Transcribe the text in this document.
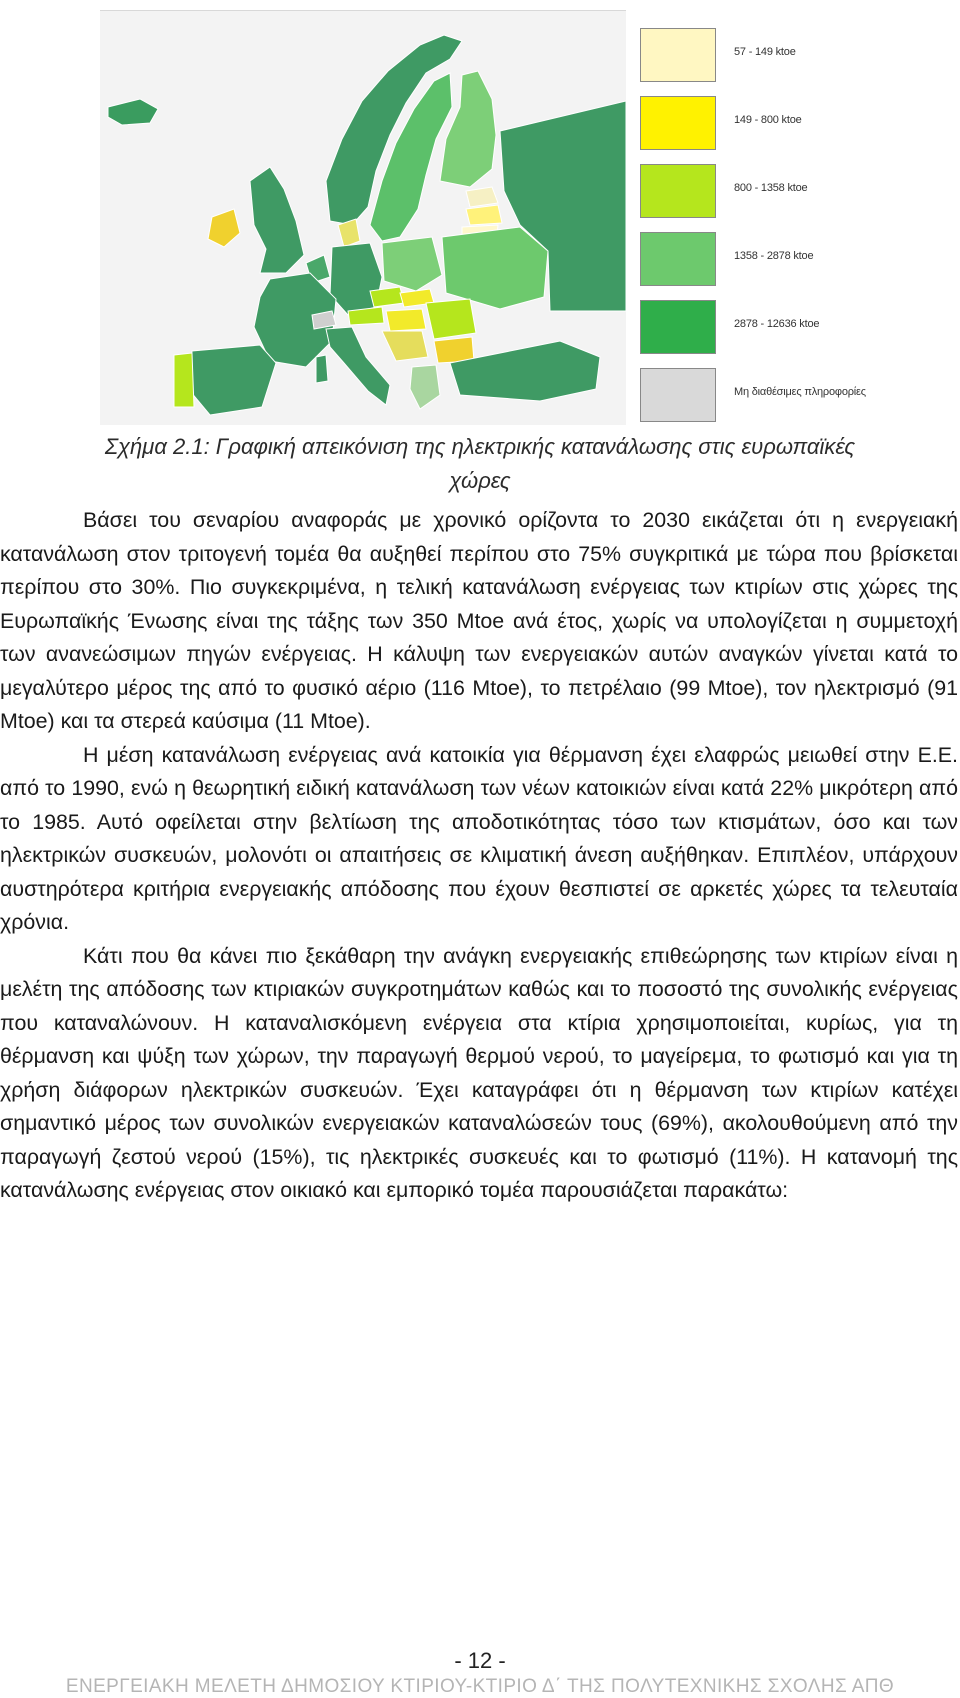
57 - 149 ktoe
149 - 800 ktoe
800 - 1358 ktoe
1358 - 2878 ktoe
2878 - 12636 ktoe
Μη διαθέσιμες πληροφορίες
Σχήμα 2.1: Γραφική απεικόνιση της ηλεκτρικής κατανάλωσης στις ευρωπαϊκές
χώρες

Βάσει του σεναρίου αναφοράς με χρονικό ορίζοντα το 2030 εικάζεται ότι η ενεργειακή κατανάλωση στον τριτογενή τομέα θα αυξηθεί περίπου στο 75% συγκριτικά με τώρα που βρίσκεται περίπου στο 30%. Πιο συγκεκριμένα, η τελική κατανάλωση ενέργειας των κτιρίων στις χώρες της Ευρωπαϊκής Ένωσης είναι της τάξης των 350 Mtoe ανά έτος, χωρίς να υπολογίζεται η συμμετοχή των ανανεώσιμων πηγών ενέργειας. Η κάλυψη των ενεργειακών αυτών αναγκών γίνεται κατά το μεγαλύτερο μέρος της από το φυσικό αέριο (116 Mtoe), το πετρέλαιο (99 Mtoe), τον ηλεκτρισμό (91 Mtoe) και τα στερεά καύσιμα (11 Mtoe).

Η μέση κατανάλωση ενέργειας ανά κατοικία για θέρμανση έχει ελαφρώς μειωθεί στην Ε.Ε. από το 1990, ενώ η θεωρητική ειδική κατανάλωση των νέων κατοικιών είναι κατά 22% μικρότερη από το 1985. Αυτό οφείλεται στην βελτίωση της αποδοτικότητας τόσο των κτισμάτων, όσο και των ηλεκτρικών συσκευών, μολονότι οι απαιτήσεις σε κλιματική άνεση αυξήθηκαν. Επιπλέον, υπάρχουν αυστηρότερα κριτήρια ενεργειακής απόδοσης που έχουν θεσπιστεί σε αρκετές χώρες τα τελευταία χρόνια.

Κάτι που θα κάνει πιο ξεκάθαρη την ανάγκη ενεργειακής επιθεώρησης των κτιρίων είναι η μελέτη της απόδοσης των κτιριακών συγκροτημάτων καθώς και το ποσοστό της συνολικής ενέργειας που καταναλώνουν. Η καταναλισκόμενη ενέργεια στα κτίρια χρησιμοποιείται, κυρίως, για τη θέρμανση και ψύξη των χώρων, την παραγωγή θερμού νερού, το μαγείρεμα, το φωτισμό και για τη χρήση διάφορων ηλεκτρικών συσκευών. Έχει καταγράφει ότι η θέρμανση των κτιρίων κατέχει σημαντικό μέρος των συνολικών ενεργειακών καταναλώσεών τους (69%), ακολουθούμενη από την παραγωγή ζεστού νερού (15%), τις ηλεκτρικές συσκευές και το φωτισμό (11%). Η κατανομή της κατανάλωσης ενέργειας στον οικιακό και εμπορικό τομέα παρουσιάζεται παρακάτω:

- 12 -
ΕΝΕΡΓΕΙΑΚΗ ΜΕΛΕΤΗ ΔΗΜΟΣΙΟΥ ΚΤΙΡΙΟΥ-ΚΤΙΡΙΟ Δ΄ ΤΗΣ ΠΟΛΥΤΕΧΝΙΚΗΣ ΣΧΟΛΗΣ ΑΠΘ
